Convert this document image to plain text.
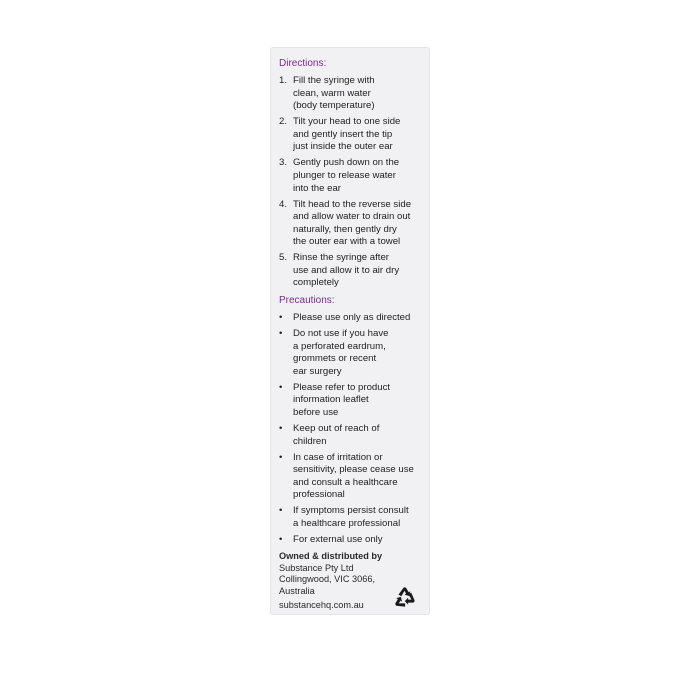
Directions:
1. Fill the syringe with
clean, warm water
(body temperature)
2. Tilt your head to one side
and gently insert the tip
just inside the outer ear
3. Gently push down on the
plunger to release water
into the ear
4. Tilt head to the reverse side
and allow water to drain out
naturally, then gently dry
the outer ear with a towel
5. Rinse the syringe after
use and allow it to air dry
completely
Precautions:
•	Please use only as directed
•	Do not use if you have
a perforated eardrum,
grommets or recent
ear surgery
•	Please refer to product
information leaflet
before use
•	Keep out of reach of
children
•	In case of irritation or
sensitivity, please cease use
and consult a healthcare
professional
•	If symptoms persist consult
a healthcare professional
•	For external use only
Owned & distributed by
Substance Pty Ltd
Collingwood, VIC 3066,
Australia
substancehq.com.au
